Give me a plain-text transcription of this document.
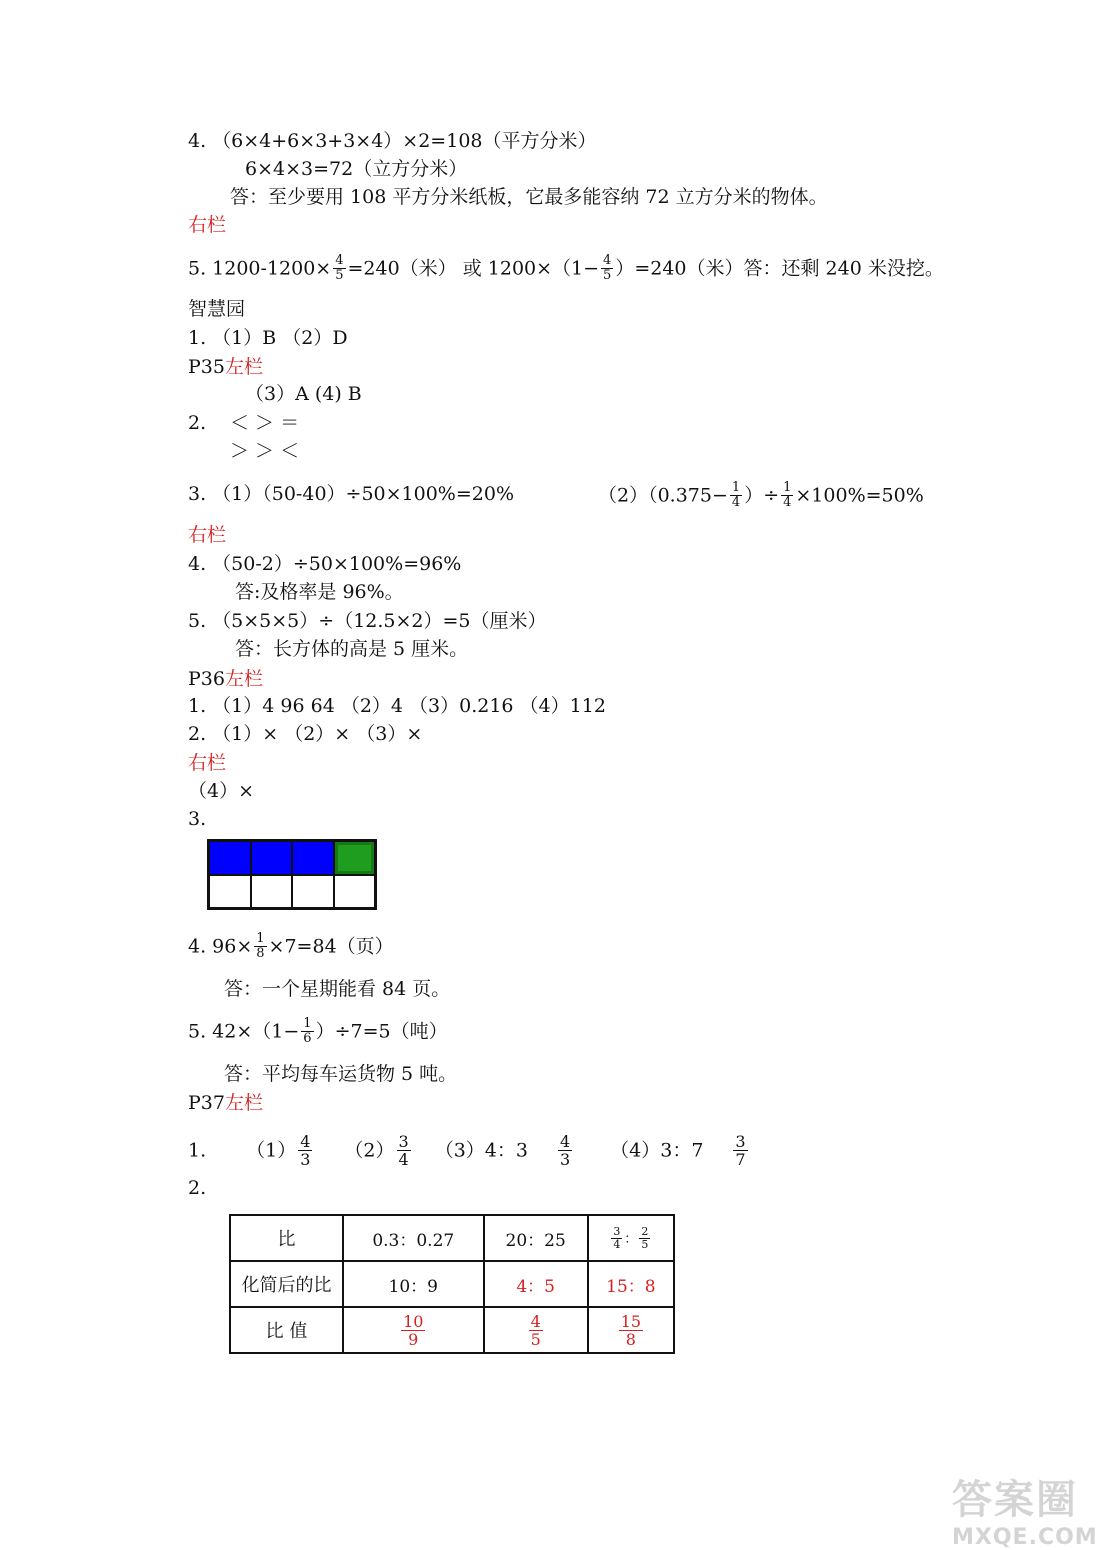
4. （6×4+6×3+3×4）×2=108（平方分米）
6×4×3=72（立方分米）
答：至少要用 108 平方分米纸板，它最多能容纳 72 立方分米的物体。
右栏
5. $1200-1200\times \frac{4}{5} =240$（米） 或 $1200\times(1- \frac{4}{5} )=240$（米）答：还剩 240 米没挖。
智慧园
1. （1）B （2）D
P35左栏
（3）A (4) B
2. ＜ ＞ ＝
＞ ＞ ＜
3. （1）（50-40）÷50×100%=20%	$(2)(0.375- \frac{1}{4}$ ）÷ $\frac{1}{4} \times 100\%=50\%$
右栏
4. （50-2）÷50×100%=96%
答:及格率是 96%。
5. （5×5×5）÷（12.5×2）=5（厘米）
答：长方体的高是 5 厘米。
P36左栏
1. （1）4 96 64 （2）4 （3）0.216 （4）112
2. （1）× （2）× （3）×
右栏
（4）×
3.
4. $96\times \frac{1}{8} \times 7=84$（页）
答：一个星期能看 84 页。
5. $42\times(1- \frac{1}{6} )\div 7=5$（吨）
答：平均每车运货物 5 吨。
P37左栏
1. $(1) \frac{4}{3} (2) \frac{3}{4} (3)4$：$3 \frac{4}{3} (4)3$：$7 \frac{3}{7}$
2.
比	0.3：0.27	20：25	$\frac{3}{4}$ ： $\frac{2}{5}$

化简后的比	10：9	4：5	15：8
比 值	$\frac{10}{9}$	$\frac{4}{5}$	$\frac{15}{8}$
答案圈
MXQE.COM
